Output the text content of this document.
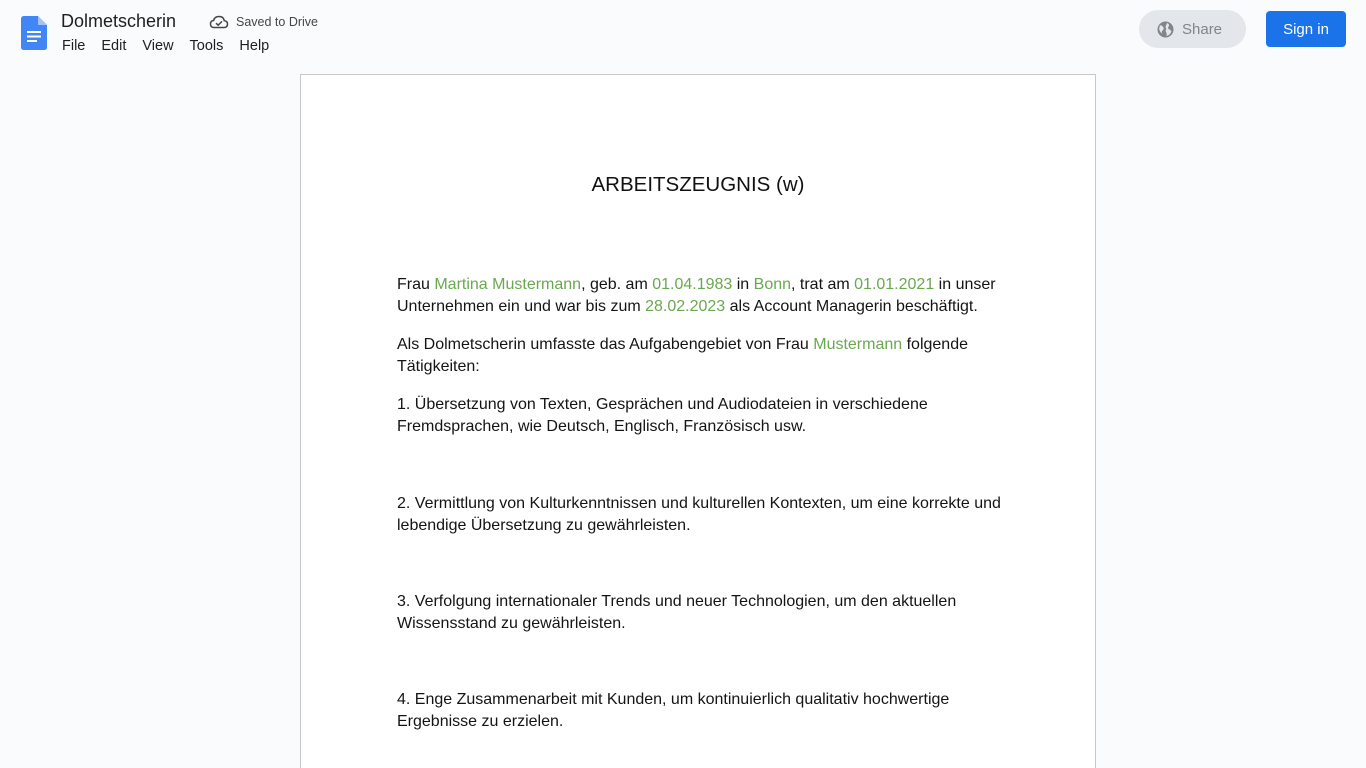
Dolmetscherin	Saved to Drive
File	Edit	View	Tools	Help
Share	Sign in
ARBEITSZEUGNIS (w)

Frau Martina Mustermann, geb. am 01.04.1983 in Bonn, trat am 01.01.2021 in unser Unternehmen ein und war bis zum 28.02.2023 als Account Managerin beschäftigt.

Als Dolmetscherin umfasste das Aufgabengebiet von Frau Mustermann folgende Tätigkeiten:

1. Übersetzung von Texten, Gesprächen und Audiodateien in verschiedene Fremdsprachen, wie Deutsch, Englisch, Französisch usw.

2. Vermittlung von Kulturkenntnissen und kulturellen Kontexten, um eine korrekte und lebendige Übersetzung zu gewährleisten.

3. Verfolgung internationaler Trends und neuer Technologien, um den aktuellen Wissensstand zu gewährleisten.

4. Enge Zusammenarbeit mit Kunden, um kontinuierlich qualitativ hochwertige Ergebnisse zu erzielen.
